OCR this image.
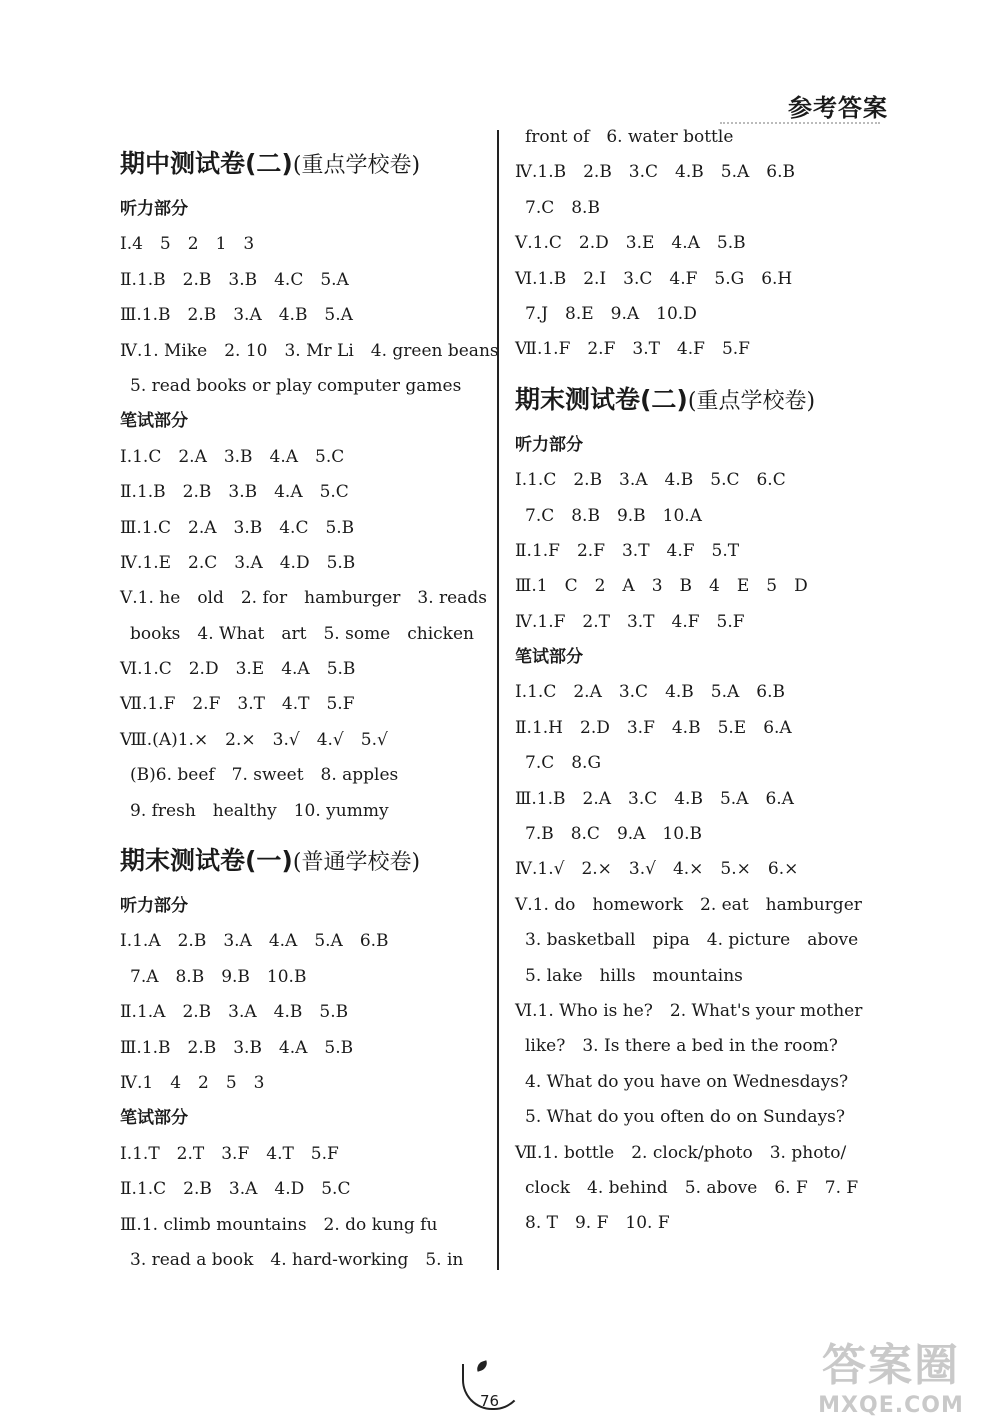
参考答案
期中测试卷(二)(重点学校卷)
听力部分
Ⅰ.4　5　2　1　3
Ⅱ.1.B　2.B　3.B　4.C　5.A
Ⅲ.1.B　2.B　3.A　4.B　5.A
Ⅳ.1. Mike　2. 10　3. Mr Li　4. green beans
5. read books or play computer games
笔试部分
Ⅰ.1.C　2.A　3.B　4.A　5.C
Ⅱ.1.B　2.B　3.B　4.A　5.C
Ⅲ.1.C　2.A　3.B　4.C　5.B
Ⅳ.1.E　2.C　3.A　4.D　5.B
Ⅴ.1. he　old　2. for　hamburger　3. reads
books　4. What　art　5. some　chicken
Ⅵ.1.C　2.D　3.E　4.A　5.B
Ⅶ.1.F　2.F　3.T　4.T　5.F
Ⅷ.(A)1.×　2.×　3.√　4.√　5.√
(B)6. beef　7. sweet　8. apples
9. fresh　healthy　10. yummy
期末测试卷(一)(普通学校卷)
听力部分
Ⅰ.1.A　2.B　3.A　4.A　5.A　6.B
7.A　8.B　9.B　10.B
Ⅱ.1.A　2.B　3.A　4.B　5.B
Ⅲ.1.B　2.B　3.B　4.A　5.B
Ⅳ.1　4　2　5　3
笔试部分
Ⅰ.1.T　2.T　3.F　4.T　5.F
Ⅱ.1.C　2.B　3.A　4.D　5.C
Ⅲ.1. climb mountains　2. do kung fu
3. read a book　4. hard-working　5. in
front of　6. water bottle
Ⅳ.1.B　2.B　3.C　4.B　5.A　6.B
7.C　8.B
Ⅴ.1.C　2.D　3.E　4.A　5.B
Ⅵ.1.B　2.I　3.C　4.F　5.G　6.H
7.J　8.E　9.A　10.D
Ⅶ.1.F　2.F　3.T　4.F　5.F
期末测试卷(二)(重点学校卷)
听力部分
Ⅰ.1.C　2.B　3.A　4.B　5.C　6.C
7.C　8.B　9.B　10.A
Ⅱ.1.F　2.F　3.T　4.F　5.T
Ⅲ.1　C　2　A　3　B　4　E　5　D
Ⅳ.1.F　2.T　3.T　4.F　5.F
笔试部分
Ⅰ.1.C　2.A　3.C　4.B　5.A　6.B
Ⅱ.1.H　2.D　3.F　4.B　5.E　6.A
7.C　8.G
Ⅲ.1.B　2.A　3.C　4.B　5.A　6.A
7.B　8.C　9.A　10.B
Ⅳ.1.√　2.×　3.√　4.×　5.×　6.×
Ⅴ.1. do　homework　2. eat　hamburger
3. basketball　pipa　4. picture　above
5. lake　hills　mountains
Ⅵ.1. Who is he?　2. What's your mother
like?　3. Is there a bed in the room?
4. What do you have on Wednesdays?
5. What do you often do on Sundays?
Ⅶ.1. bottle　2. clock/photo　3. photo/
clock　4. behind　5. above　6. F　7. F
8. T　9. F　10. F
76
答案圈
MXQE.COM
